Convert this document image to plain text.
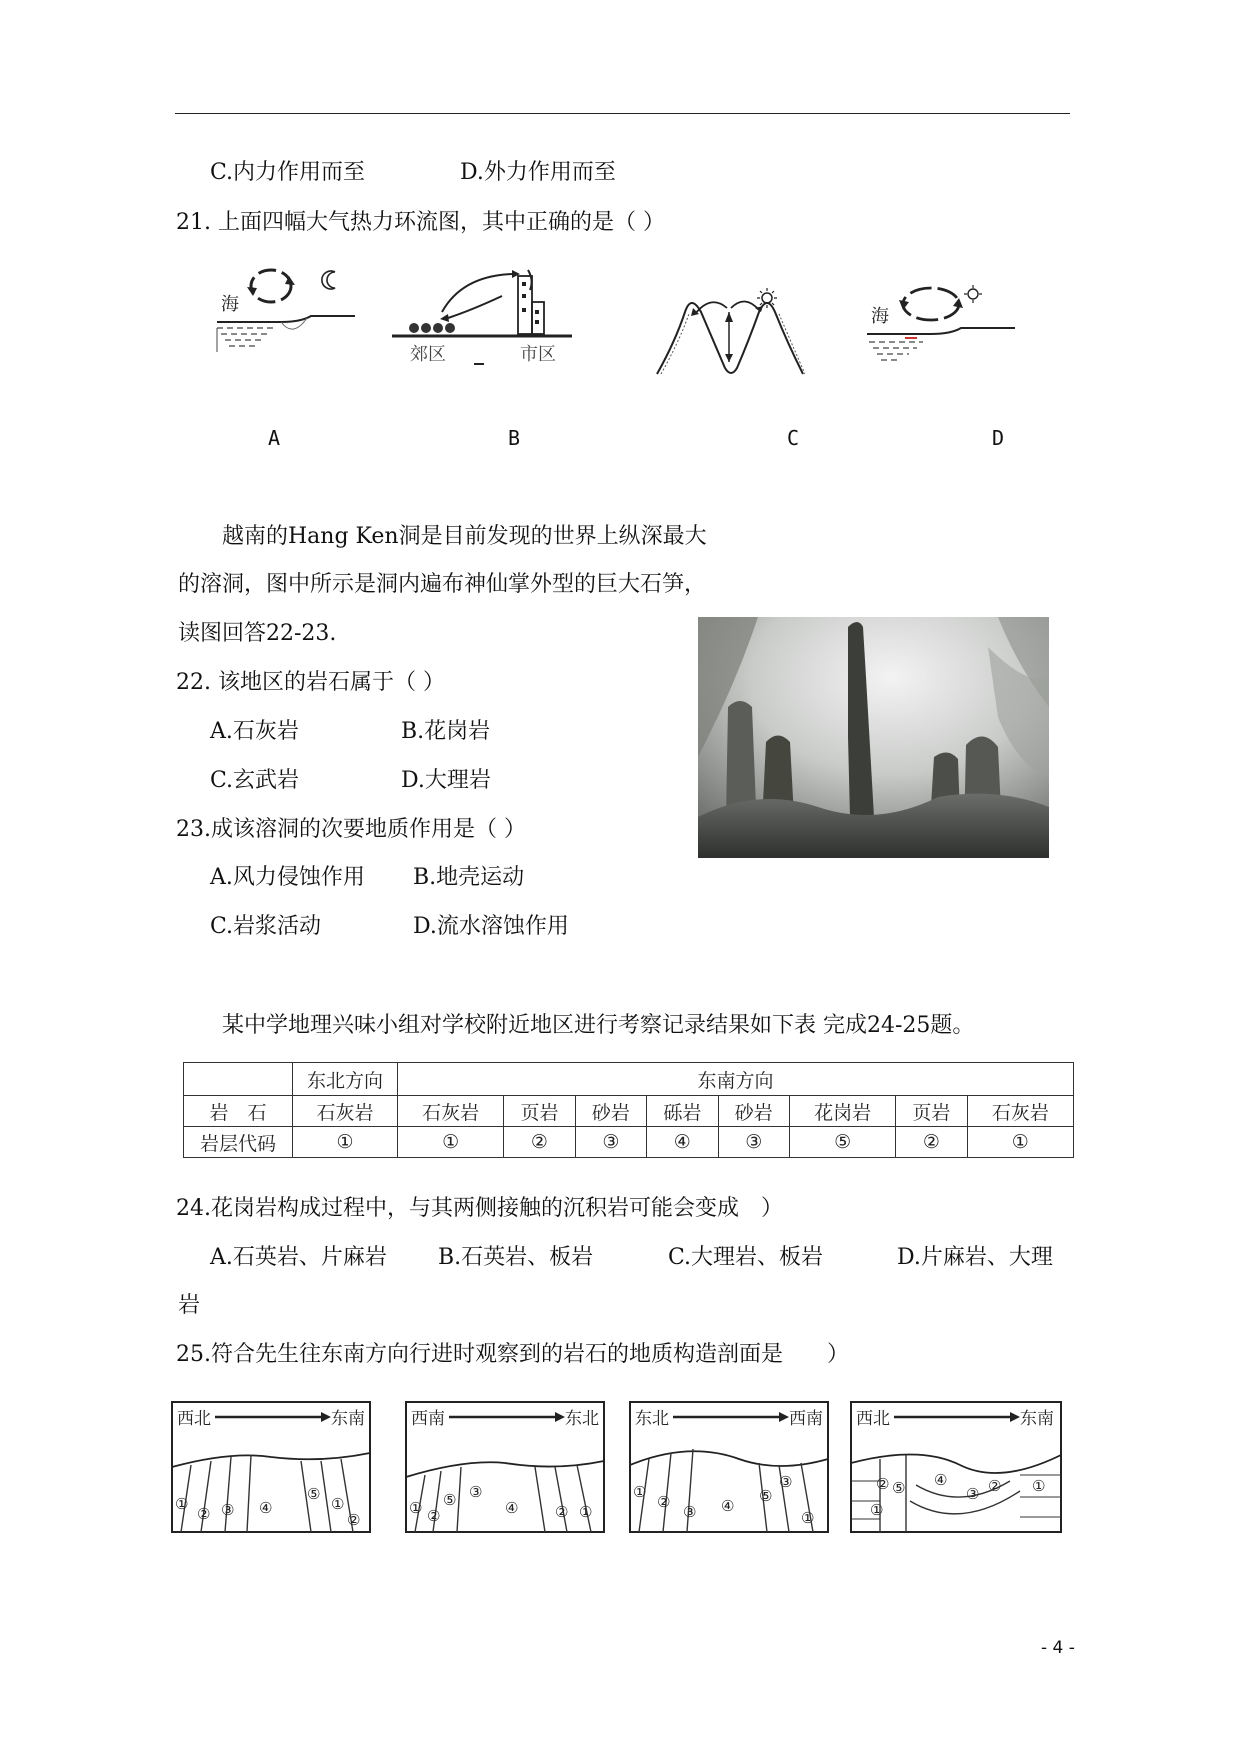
C.内力作用而至	D.外力作用而至
21. 上面四幅大气热力环流图，其中正确的是（ ）
海
郊区	市区
海
A	B	C	D
越南的Hang Ken洞是目前发现的世界上纵深最大
的溶洞，图中所示是洞内遍布神仙掌外型的巨大石笋，
读图回答22-23.
22. 该地区的岩石属于（ ）
A.石灰岩	B.花岗岩
C.玄武岩	D.大理岩
23.成该溶洞的次要地质作用是（ ）
A.风力侵蚀作用 B.地壳运动
C.岩浆活动	D.流水溶蚀作用
某中学地理兴味小组对学校附近地区进行考察记录结果如下表 完成24-25题。
	东北方向	东南方向							
岩　石	石灰岩	石灰岩	页岩	砂岩	砾岩	砂岩	花岗岩	页岩	石灰岩
岩层代码	①	①	②	③	④	③	⑤	②	①
24.花岗岩构成过程中，与其两侧接触的沉积岩可能会变成　）
A.石英岩、片麻岩 B.石英岩、板岩	C.大理岩、板岩	D.片麻岩、大理
岩
25.符合先生往东南方向行进时观察到的岩石的地质构造剖面是　　）
西北	东南
①
② ③ ④
⑤
①
②
西南	东北
① ②
⑤ ③
④ ② ①
东北	西南
①
②
③ ④
⑤
③
①
西北	东南
② ⑤ ④
③ ②
①
①
- 4 -
